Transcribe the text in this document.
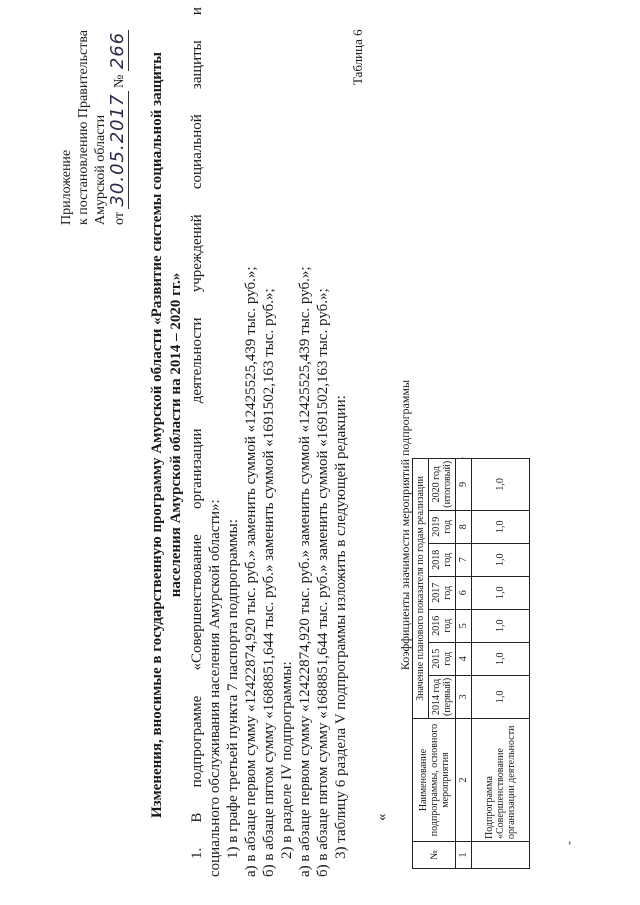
Приложение к постановлению Правительства Амурской области от 30.05.2017 № 266
Изменения, вносимые в государственную программу Амурской области «Развитие системы социальной защиты населения Амурской области на 2014 – 2020 гг.»
1.
В
подпрограмме
«Совершенствование
организации
деятельности
учреждений
социальной
защиты
и
социального обслуживания населения Амурской области»: 1) в графе третьей пункта 7 паспорта подпрограммы: а) в абзаце первом сумму «12422874,920 тыс. руб.» заменить суммой «12425525,439 тыс. руб.»; б) в абзаце пятом сумму «1688851,644 тыс. руб.» заменить суммой «1691502,163 тыс. руб.»; 2) в разделе IV подпрограммы: а) в абзаце первом сумму «12422874,920 тыс. руб.» заменить суммой «12425525,439 тыс. руб.»; б) в абзаце пятом сумму «1688851,644 тыс. руб.» заменить суммой «1691502,163 тыс. руб.»; 3) таблицу 6 раздела V подпрограммы изложить в следующей редакции: «
Таблица 6
Коэффициенты значимости мероприятий подпрограммы
ˇ
·
№	Наименование подпрограммы, основного мероприятия	Значение планового показателя по годам реализации						
		2014 год (первый)	2015 год	2016 год	2017 год	2018 год	2019 год	2020 год (итоговый)
1	2	3	4	5	6	7	8	9
	Подпрограмма «Совершенствование организации деятельности	1,0	1,0	1,0	1,0	1,0	1,0	1,0
